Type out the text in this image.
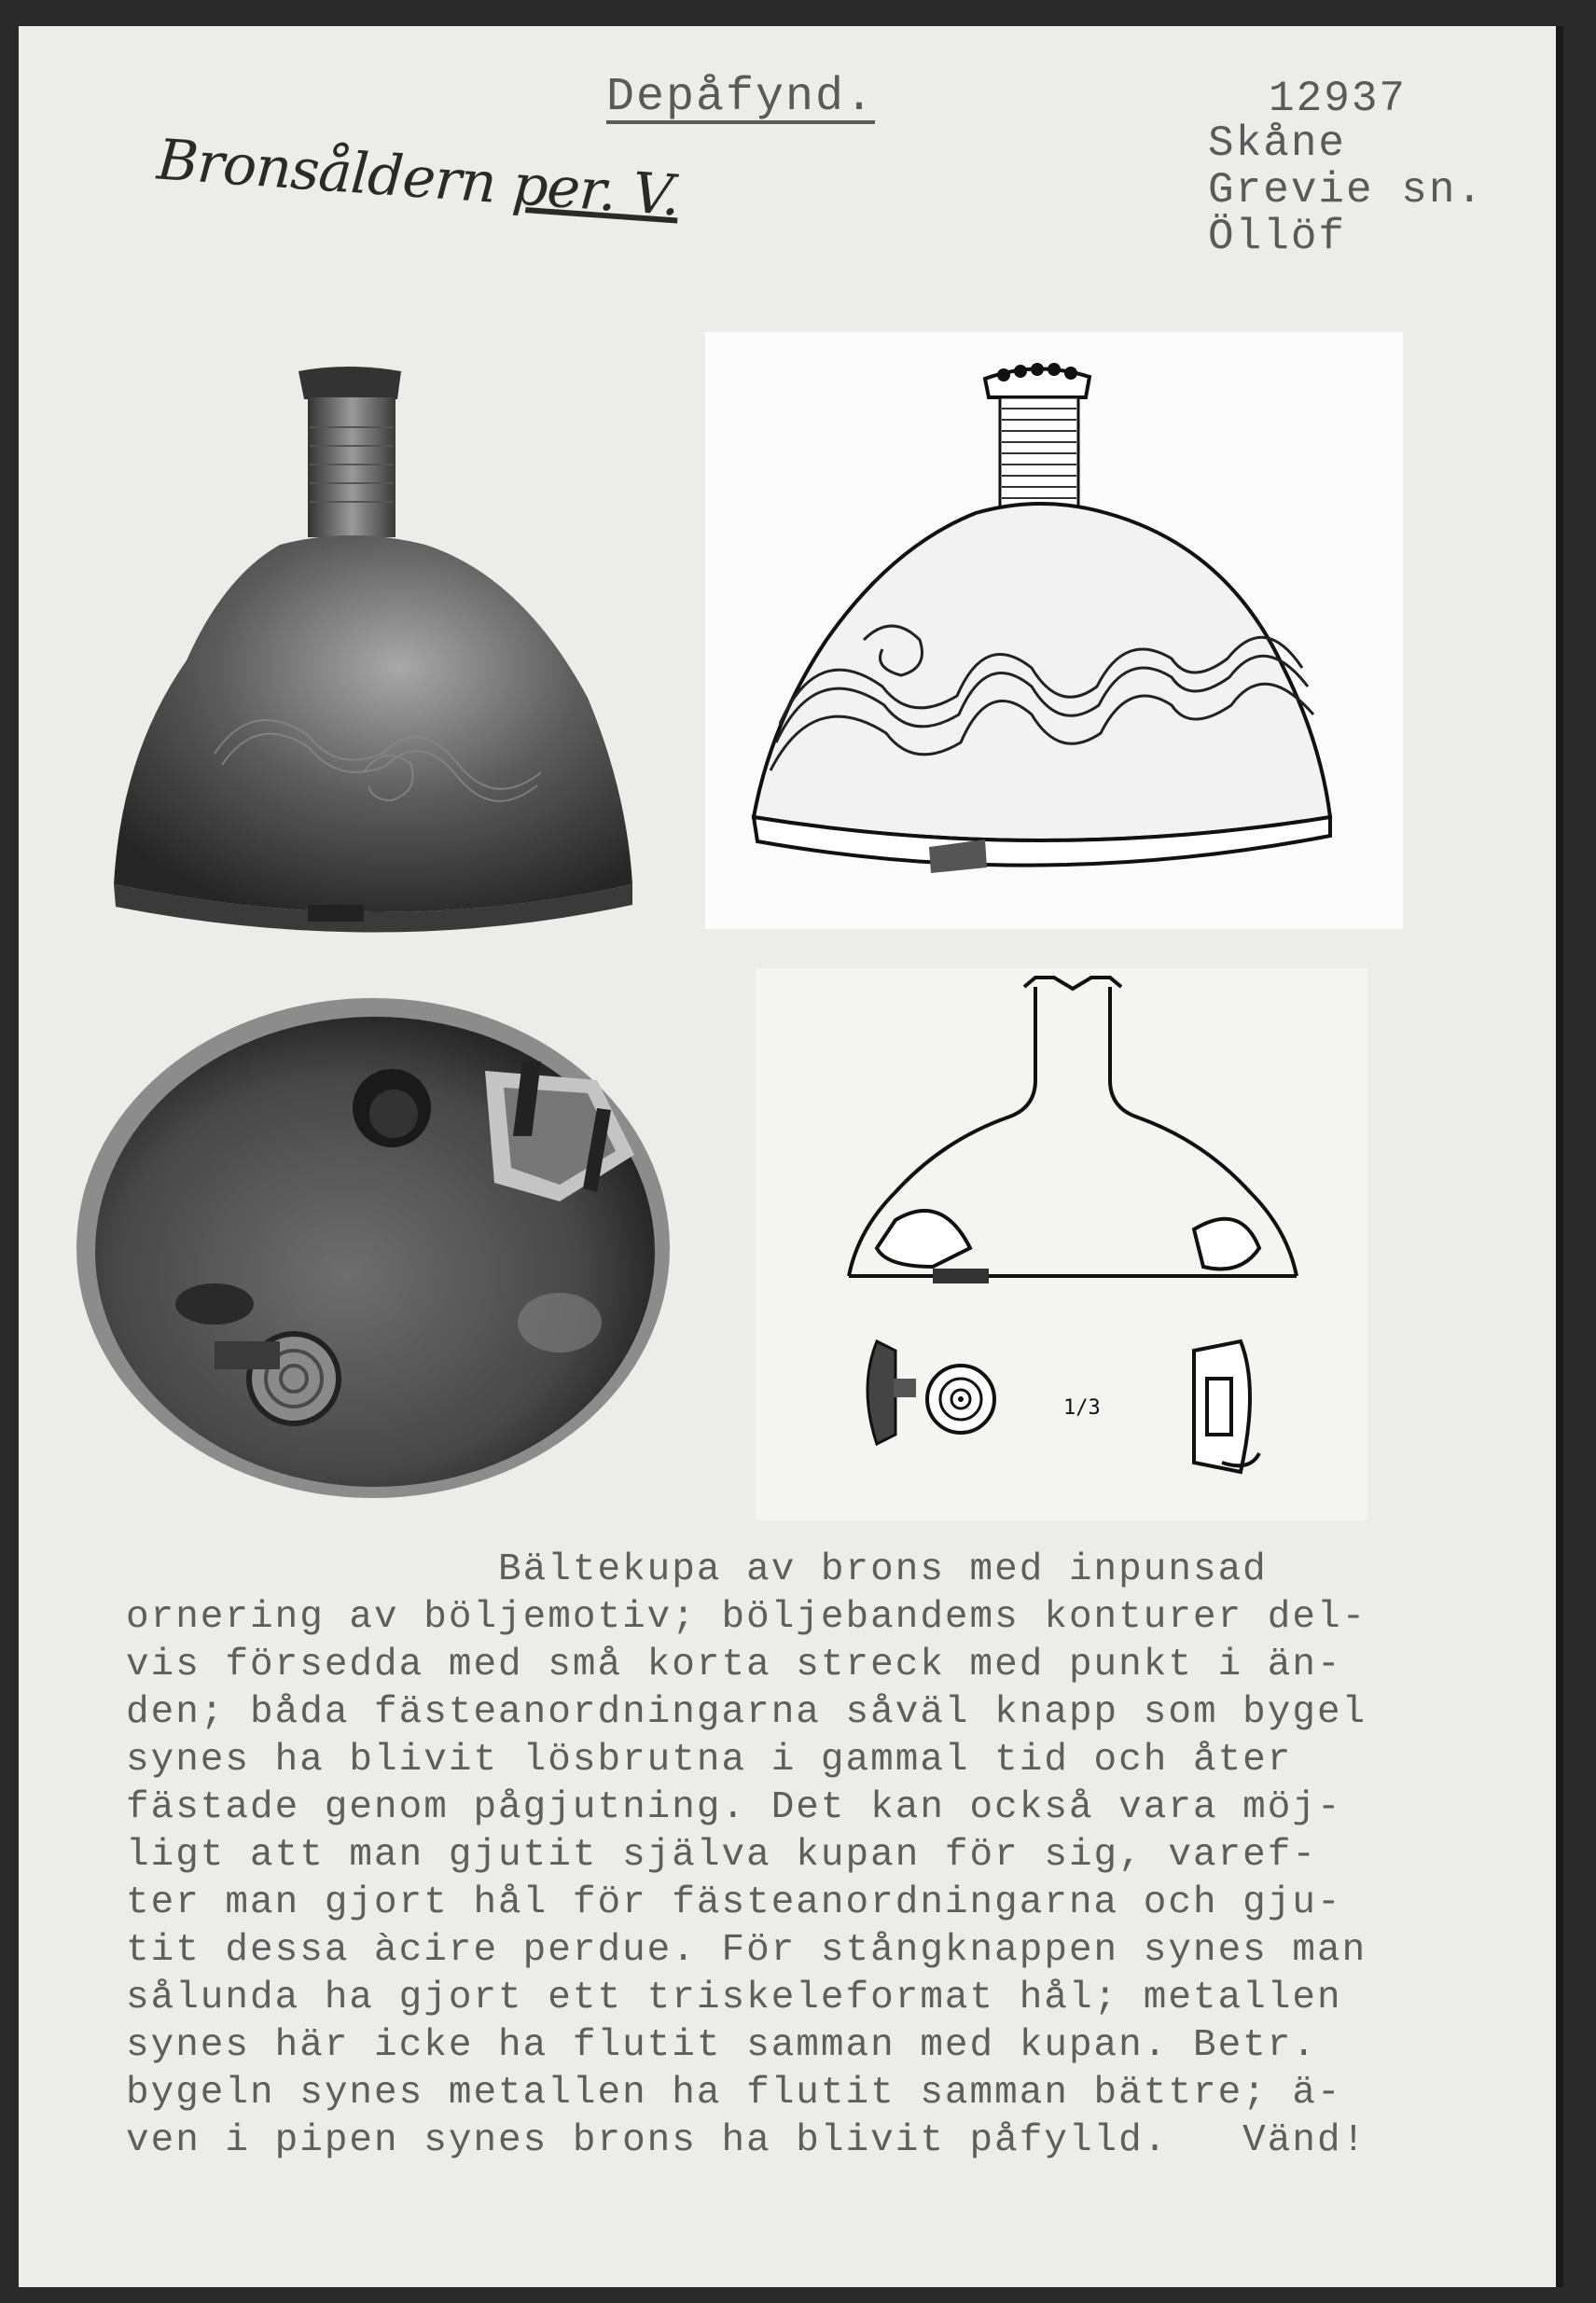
Depåfynd.	12937
Skåne
Grevie sn.
Öllöf
Bronsåldern per. V.
1/3
Bältekupa av brons med inpunsad
ornering av böljemotiv; böljebandems konturer del-
vis försedda med små korta streck med punkt i än-
den; båda fästeanordningarna såväl knapp som bygel
synes ha blivit lösbrutna i gammal tid och åter
fästade genom pågjutning. Det kan också vara möj-
ligt att man gjutit själva kupan för sig, varef-
ter man gjort hål för fästeanordningarna och gju-
tit dessa àcire perdue. För stångknappen synes man
sålunda ha gjort ett triskeleformat hål; metallen
synes här icke ha flutit samman med kupan. Betr.
bygeln synes metallen ha flutit samman bättre; ä-
ven i pipen synes brons ha blivit påfylld.   Vänd!
